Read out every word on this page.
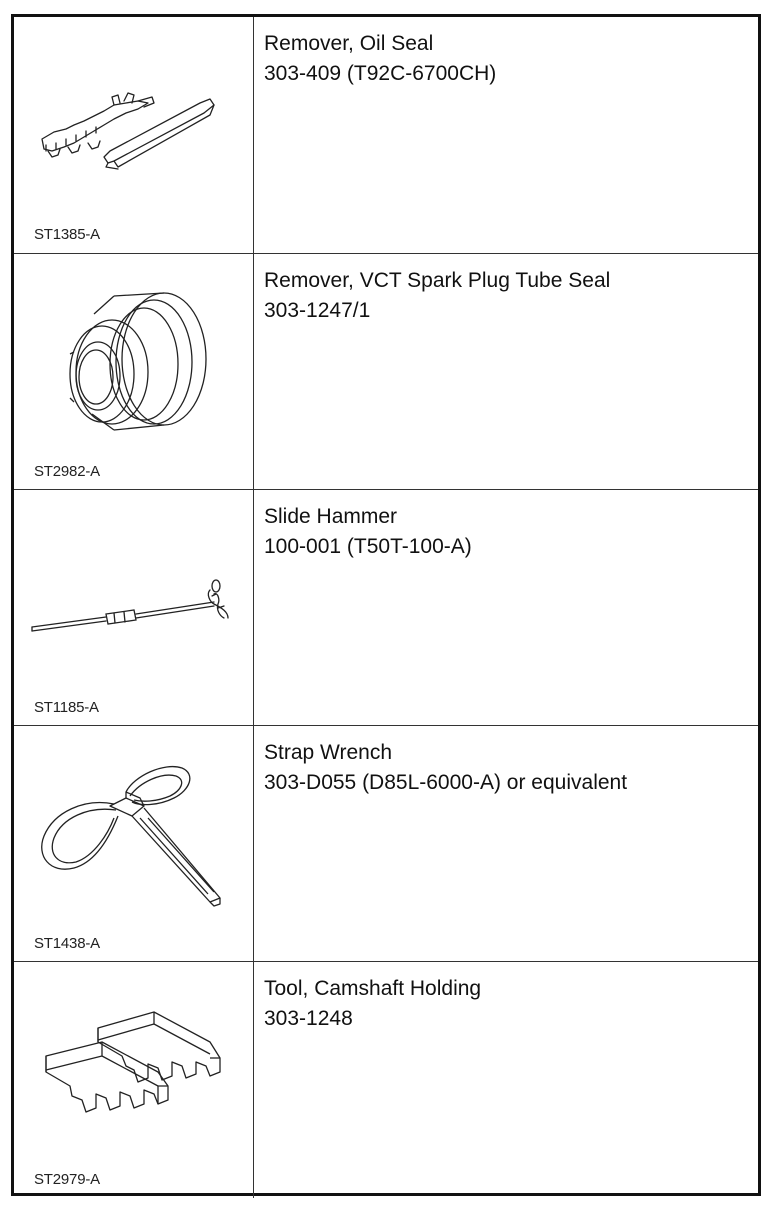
ST1385-A
Remover, Oil Seal
303-409 (T92C-6700CH)
ST2982-A
Remover, VCT Spark Plug Tube Seal
303-1247/1
ST1185-A
Slide Hammer
100-001 (T50T-100-A)
ST1438-A
Strap Wrench
303-D055 (D85L-6000-A) or equivalent
ST2979-A
Tool, Camshaft Holding
303-1248
